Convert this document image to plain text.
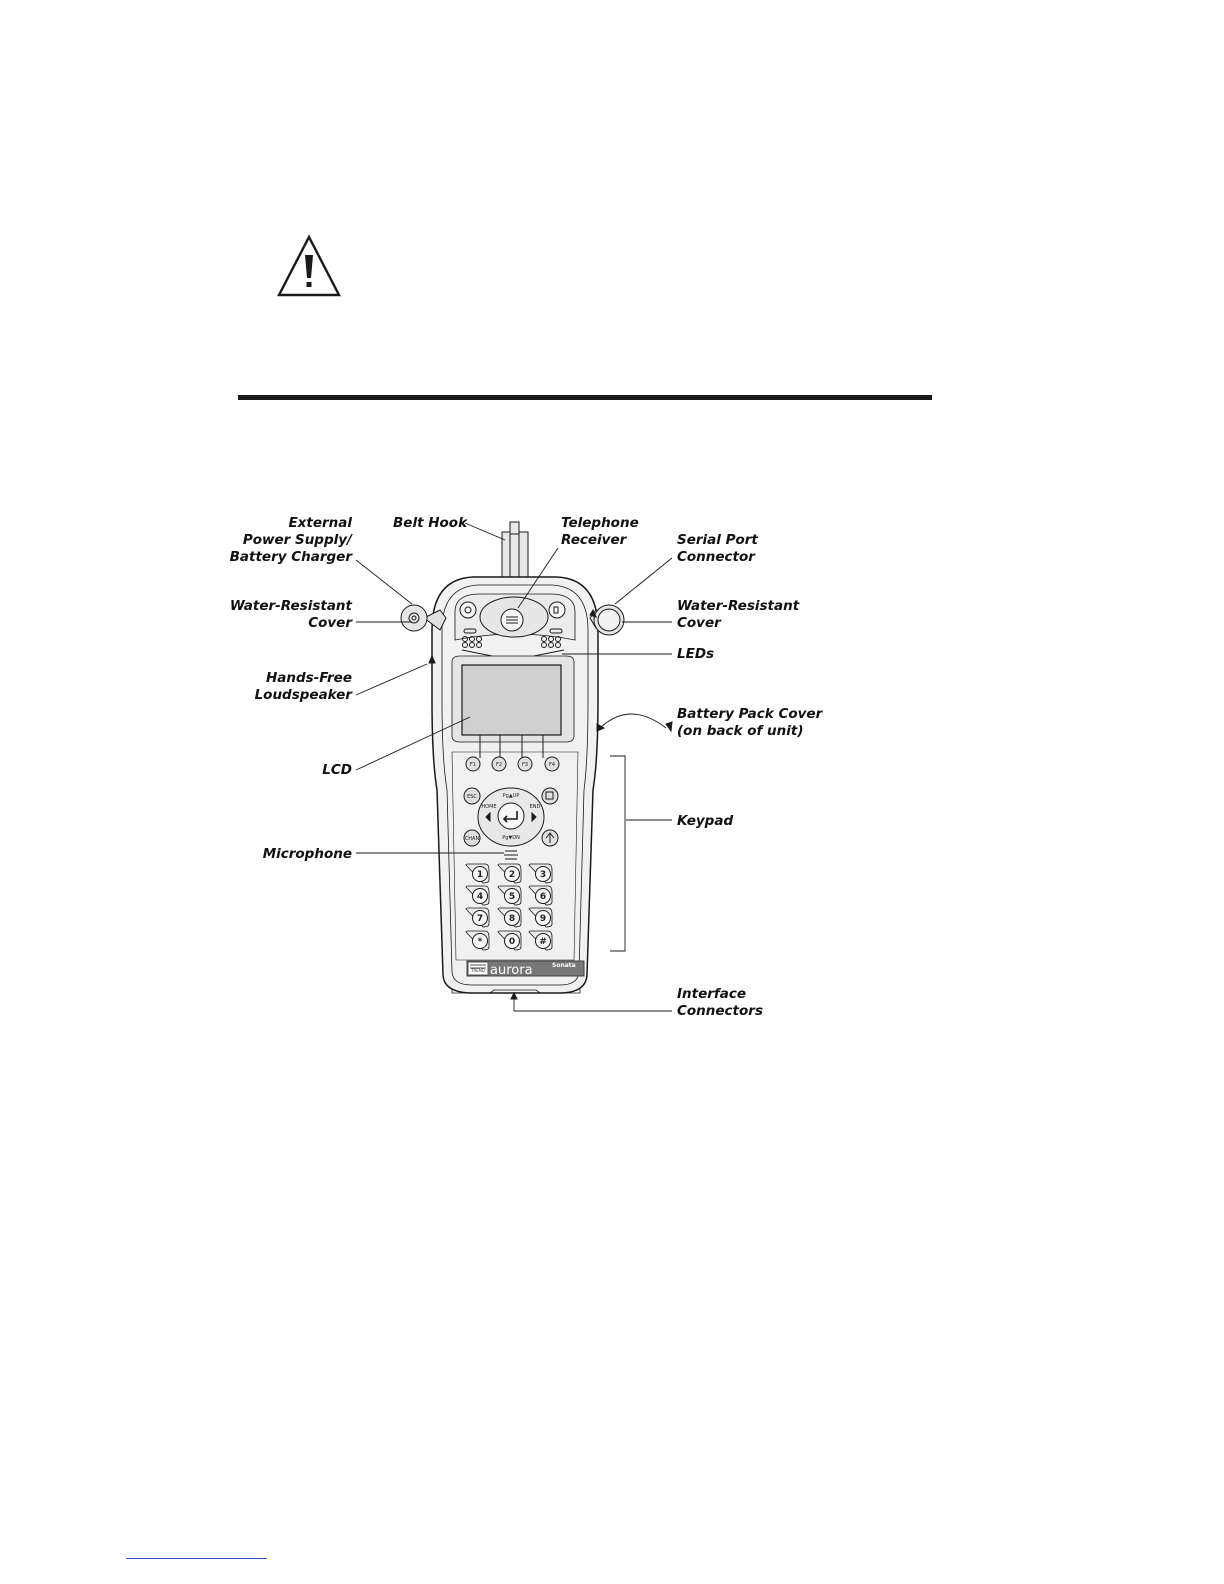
F1	F2	F3	F4
ESC
CHAN
HOME	END
Pg▲UP
Pg▼DN
1	2	3
4	5	6
7	8	9
*	0	#
aurora	Sonata
TREND
External
Power Supply/
Battery Charger
Belt Hook	Telephone
Receiver	Serial Port
Connector
Water-Resistant
Cover
Water-Resistant
Cover
LEDs
Hands-Free
Loudspeaker
Battery Pack Cover
(on back of unit)
LCD
Keypad
Microphone
Interface
Connectors
